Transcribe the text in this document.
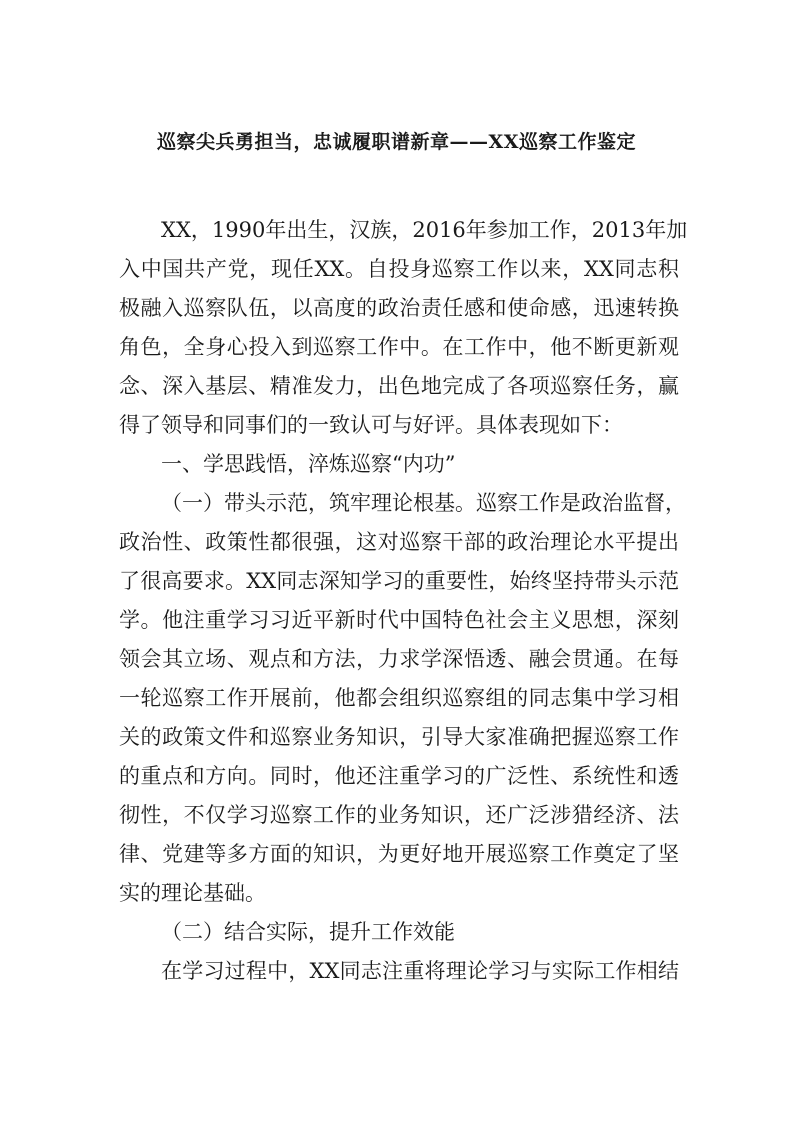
巡察尖兵勇担当，忠诚履职谱新章——XX巡察工作鉴定
XX，1990年出生，汉族，2016年参加工作，2013年加
入中国共产党，现任XX。自投身巡察工作以来，XX同志积
极融入巡察队伍，以高度的政治责任感和使命感，迅速转换
角色，全身心投入到巡察工作中。在工作中，他不断更新观
念、深入基层、精准发力，出色地完成了各项巡察任务，赢
得了领导和同事们的一致认可与好评。具体表现如下：
一、学思践悟，淬炼巡察“内功”
（一）带头示范，筑牢理论根基。巡察工作是政治监督，
政治性、政策性都很强，这对巡察干部的政治理论水平提出
了很高要求。XX同志深知学习的重要性，始终坚持带头示范
学。他注重学习习近平新时代中国特色社会主义思想，深刻
领会其立场、观点和方法，力求学深悟透、融会贯通。在每
一轮巡察工作开展前，他都会组织巡察组的同志集中学习相
关的政策文件和巡察业务知识，引导大家准确把握巡察工作
的重点和方向。同时，他还注重学习的广泛性、系统性和透
彻性，不仅学习巡察工作的业务知识，还广泛涉猎经济、法
律、党建等多方面的知识，为更好地开展巡察工作奠定了坚
实的理论基础。
（二）结合实际，提升工作效能
在学习过程中，XX同志注重将理论学习与实际工作相结
